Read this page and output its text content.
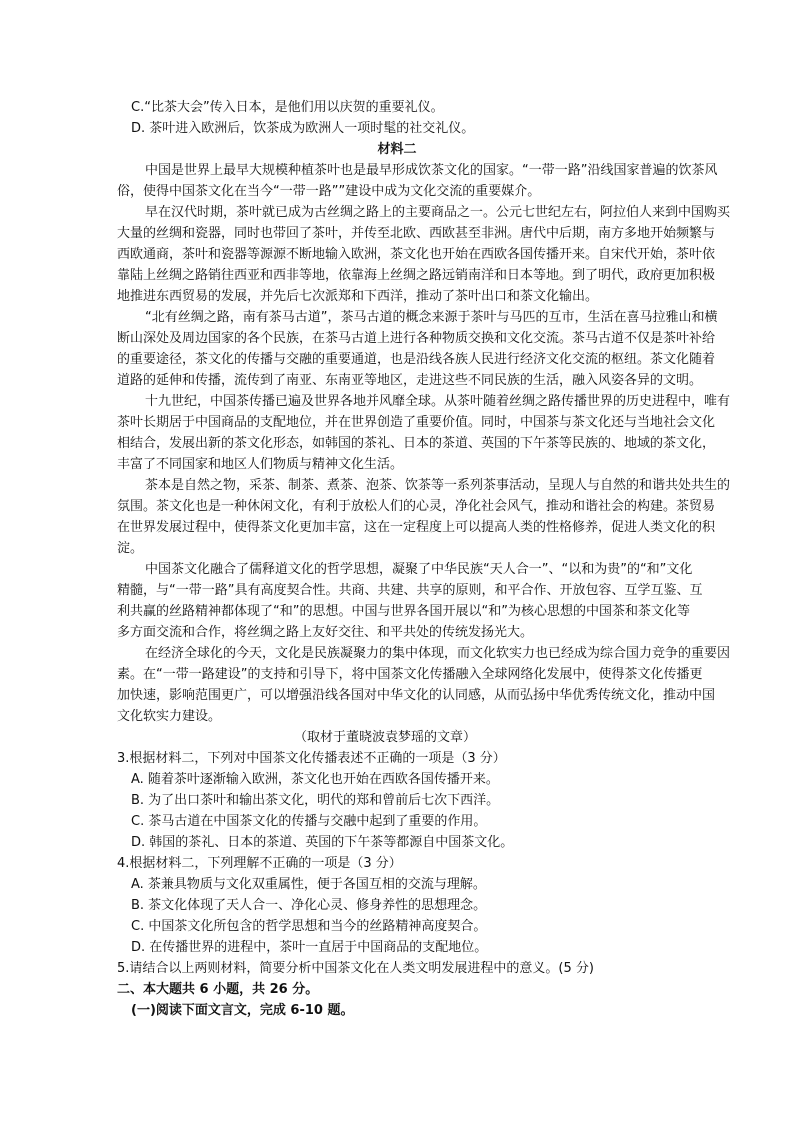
C.“比茶大会”传入日本，是他们用以庆贺的重要礼仪。
D. 茶叶进入欧洲后，饮茶成为欧洲人一项时髦的社交礼仪。
材料二
中国是世界上最早大规模种植茶叶也是最早形成饮茶文化的国家。“一带一路”沿线国家普遍的饮茶风
俗，使得中国茶文化在当今“一带一路””建设中成为文化交流的重要媒介。
早在汉代时期，茶叶就已成为古丝绸之路上的主要商品之一。公元七世纪左右，阿拉伯人来到中国购买
大量的丝绸和瓷器，同时也带回了茶叶，并传至北欧、西欧甚至非洲。唐代中后期，南方多地开始频繁与
西欧通商，茶叶和瓷器等源源不断地输入欧洲，茶文化也开始在西欧各国传播开来。自宋代开始，茶叶依
靠陆上丝绸之路销往西亚和西非等地，依靠海上丝绸之路远销南洋和日本等地。到了明代，政府更加积极
地推进东西贸易的发展，并先后七次派郑和下西洋，推动了茶叶出口和茶文化输出。
“北有丝绸之路，南有茶马古道”，茶马古道的概念来源于茶叶与马匹的互市，生活在喜马拉雅山和横
断山深处及周边国家的各个民族，在茶马古道上进行各种物质交换和文化交流。茶马古道不仅是茶叶补给
的重要途径，茶文化的传播与交融的重要通道，也是沿线各族人民进行经济文化交流的枢纽。茶文化随着
道路的延伸和传播，流传到了南亚、东南亚等地区，走进这些不同民族的生活，融入风姿各异的文明。
十九世纪，中国茶传播已遍及世界各地并风靡全球。从茶叶随着丝绸之路传播世界的历史进程中，唯有
茶叶长期居于中国商品的支配地位，并在世界创造了重要价值。同时，中国茶与茶文化还与当地社会文化
相结合，发展出新的茶文化形态，如韩国的茶礼、日本的茶道、英国的下午茶等民族的、地域的茶文化，
丰富了不同国家和地区人们物质与精神文化生活。
茶本是自然之物，采茶、制茶、煮茶、泡茶、饮茶等一系列茶事活动，呈现人与自然的和谐共处共生的
氛围。茶文化也是一种休闲文化，有利于放松人们的心灵，净化社会风气，推动和谐社会的构建。茶贸易
在世界发展过程中，使得茶文化更加丰富，这在一定程度上可以提高人类的性格修养，促进人类文化的积
淀。
中国茶文化融合了儒释道文化的哲学思想，凝聚了中华民族“天人合一”、“以和为贵”的“和”文化
精髓，与“一带一路”具有高度契合性。共商、共建、共享的原则，和平合作、开放包容、互学互鉴、互
利共赢的丝路精神都体现了“和”的思想。中国与世界各国开展以“和”为核心思想的中国茶和茶文化等
多方面交流和合作，将丝绸之路上友好交往、和平共处的传统发扬光大。
在经济全球化的今天，文化是民族凝聚力的集中体现，而文化软实力也已经成为综合国力竞争的重要因
素。在“一带一路建设”的支持和引导下，将中国茶文化传播融入全球网络化发展中，使得茶文化传播更
加快速，影响范围更广，可以增强沿线各国对中华文化的认同感，从而弘扬中华优秀传统文化，推动中国
文化软实力建设。
（取材于董晓波袁梦瑶的文章）
3.根据材料二，下列对中国茶文化传播表述不正确的一项是（3 分）
A. 随着茶叶逐渐输入欧洲，茶文化也开始在西欧各国传播开来。
B. 为了出口茶叶和输出茶文化，明代的郑和曾前后七次下西洋。
C. 茶马古道在中国茶文化的传播与交融中起到了重要的作用。
D. 韩国的茶礼、日本的茶道、英国的下午茶等都源自中国茶文化。
4.根据材料二，下列理解不正确的一项是（3 分）
A. 茶兼具物质与文化双重属性，便于各国互相的交流与理解。
B. 茶文化体现了天人合一、净化心灵、修身养性的思想理念。
C. 中国茶文化所包含的哲学思想和当今的丝路精神高度契合。
D. 在传播世界的进程中，茶叶一直居于中国商品的支配地位。
5.请结合以上两则材料，简要分析中国茶文化在人类文明发展进程中的意义。(5 分)
二、本大题共 6 小题，共 26 分。
(一)阅读下面文言文，完成 6-10 题。
